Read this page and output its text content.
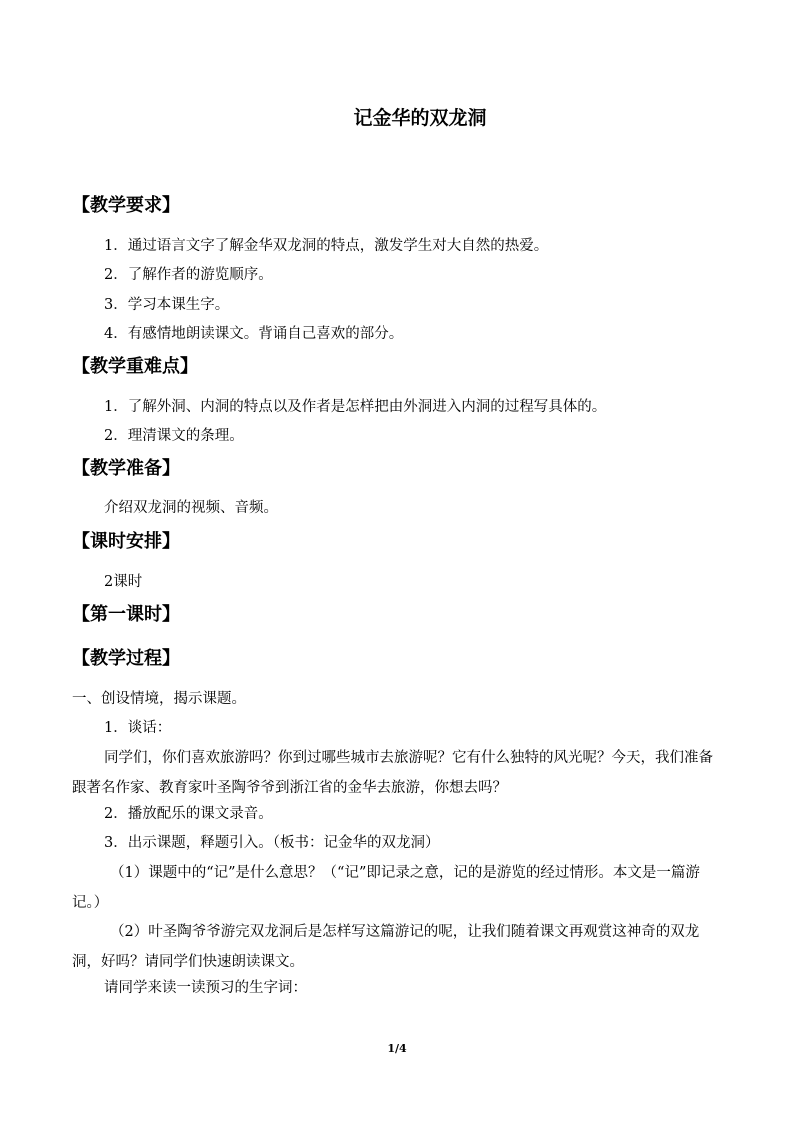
记金华的双龙洞
【教学要求】
1．通过语言文字了解金华双龙洞的特点，激发学生对大自然的热爱。
2．了解作者的游览顺序。
3．学习本课生字。
4．有感情地朗读课文。背诵自己喜欢的部分。
【教学重难点】
1．了解外洞、内洞的特点以及作者是怎样把由外洞进入内洞的过程写具体的。
2．理清课文的条理。
【教学准备】
介绍双龙洞的视频、音频。
【课时安排】
2课时
【第一课时】
【教学过程】
一、创设情境，揭示课题。
1．谈话：
同学们，你们喜欢旅游吗？你到过哪些城市去旅游呢？它有什么独特的风光呢？今天，我们准备跟著名作家、教育家叶圣陶爷爷到浙江省的金华去旅游，你想去吗？
2．播放配乐的课文录音。
3．出示课题，释题引入。（板书：记金华的双龙洞）
（1）课题中的“记”是什么意思？（“记”即记录之意，记的是游览的经过情形。本文是一篇游记。）
（2）叶圣陶爷爷游完双龙洞后是怎样写这篇游记的呢，让我们随着课文再观赏这神奇的双龙洞，好吗？请同学们快速朗读课文。
请同学来读一读预习的生字词：
1/4
